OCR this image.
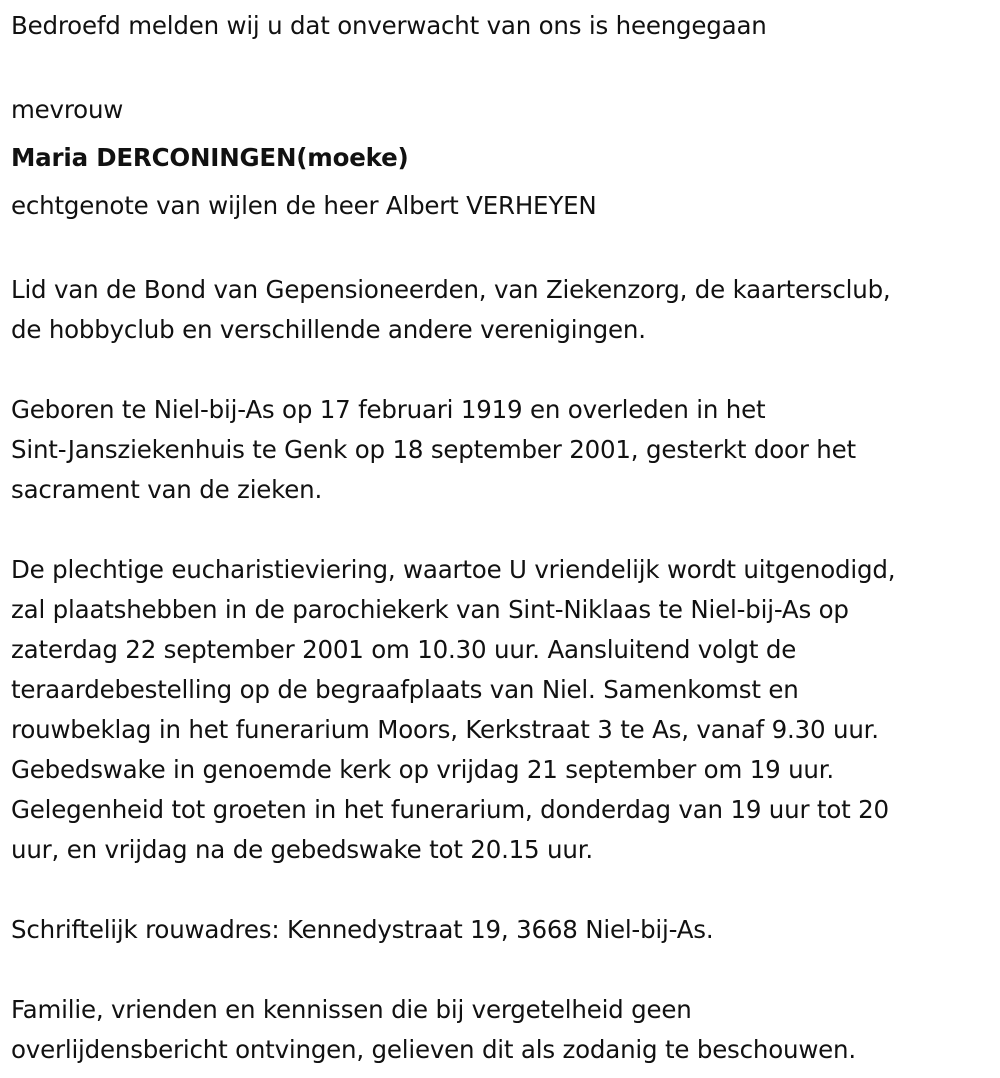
Bedroefd melden wij u dat onverwacht van ons is heengegaan
mevrouw
Maria DERCONINGEN(moeke)
echtgenote van wijlen de heer Albert VERHEYEN
Lid van de Bond van Gepensioneerden, van Ziekenzorg, de kaartersclub,
de hobbyclub en verschillende andere verenigingen.
Geboren te Niel-bij-As op 17 februari 1919 en overleden in het
Sint-Jansziekenhuis te Genk op 18 september 2001, gesterkt door het
sacrament van de zieken.
De plechtige eucharistieviering, waartoe U vriendelijk wordt uitgenodigd,
zal plaatshebben in de parochiekerk van Sint-Niklaas te Niel-bij-As op
zaterdag 22 september 2001 om 10.30 uur. Aansluitend volgt de
teraardebestelling op de begraafplaats van Niel. Samenkomst en
rouwbeklag in het funerarium Moors, Kerkstraat 3 te As, vanaf 9.30 uur.
Gebedswake in genoemde kerk op vrijdag 21 september om 19 uur.
Gelegenheid tot groeten in het funerarium, donderdag van 19 uur tot 20
uur, en vrijdag na de gebedswake tot 20.15 uur.
Schriftelijk rouwadres: Kennedystraat 19, 3668 Niel-bij-As.
Familie, vrienden en kennissen die bij vergetelheid geen
overlijdensbericht ontvingen, gelieven dit als zodanig te beschouwen.
